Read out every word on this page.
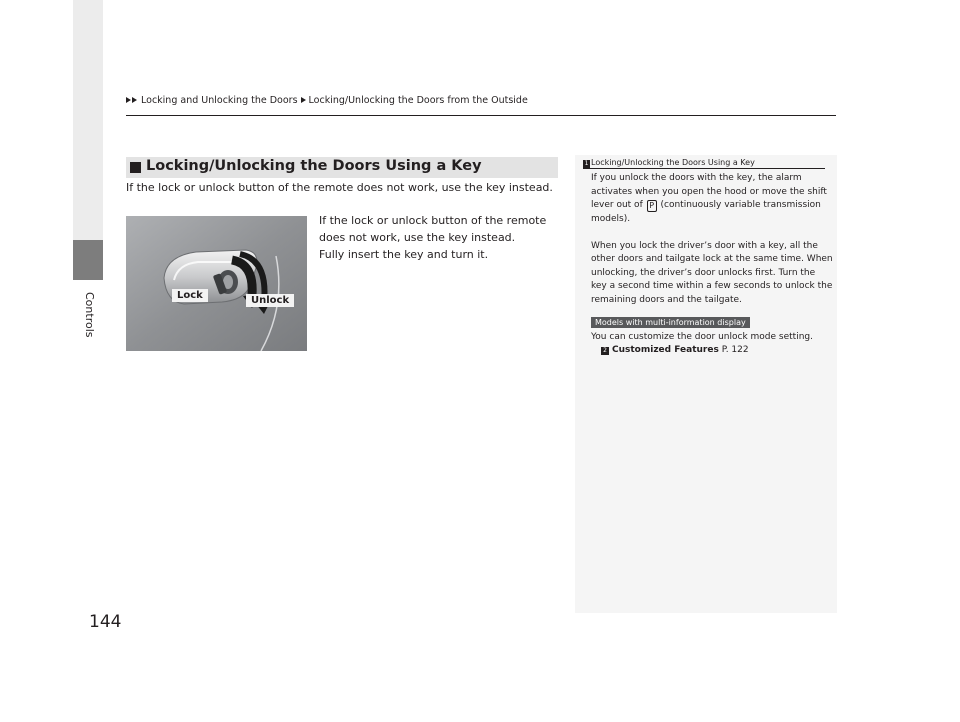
Controls
144
Locking and Unlocking the Doors Locking/Unlocking the Doors from the Outside
Locking/Unlocking the Doors Using a Key
If the lock or unlock button of the remote does not work, use the key instead.
Lock	Unlock
If the lock or unlock button of the remote
does not work, use the key instead.
Fully insert the key and turn it.
1 Locking/Unlocking the Doors Using a Key
If you unlock the doors with the key, the alarm
activates when you open the hood or move the shift
lever out of P (continuously variable transmission
models).
When you lock the driver’s door with a key, all the
other doors and tailgate lock at the same time. When
unlocking, the driver’s door unlocks first. Turn the
key a second time within a few seconds to unlock the
remaining doors and the tailgate.
Models with multi-information display
You can customize the door unlock mode setting.
2 Customized Features P. 122
